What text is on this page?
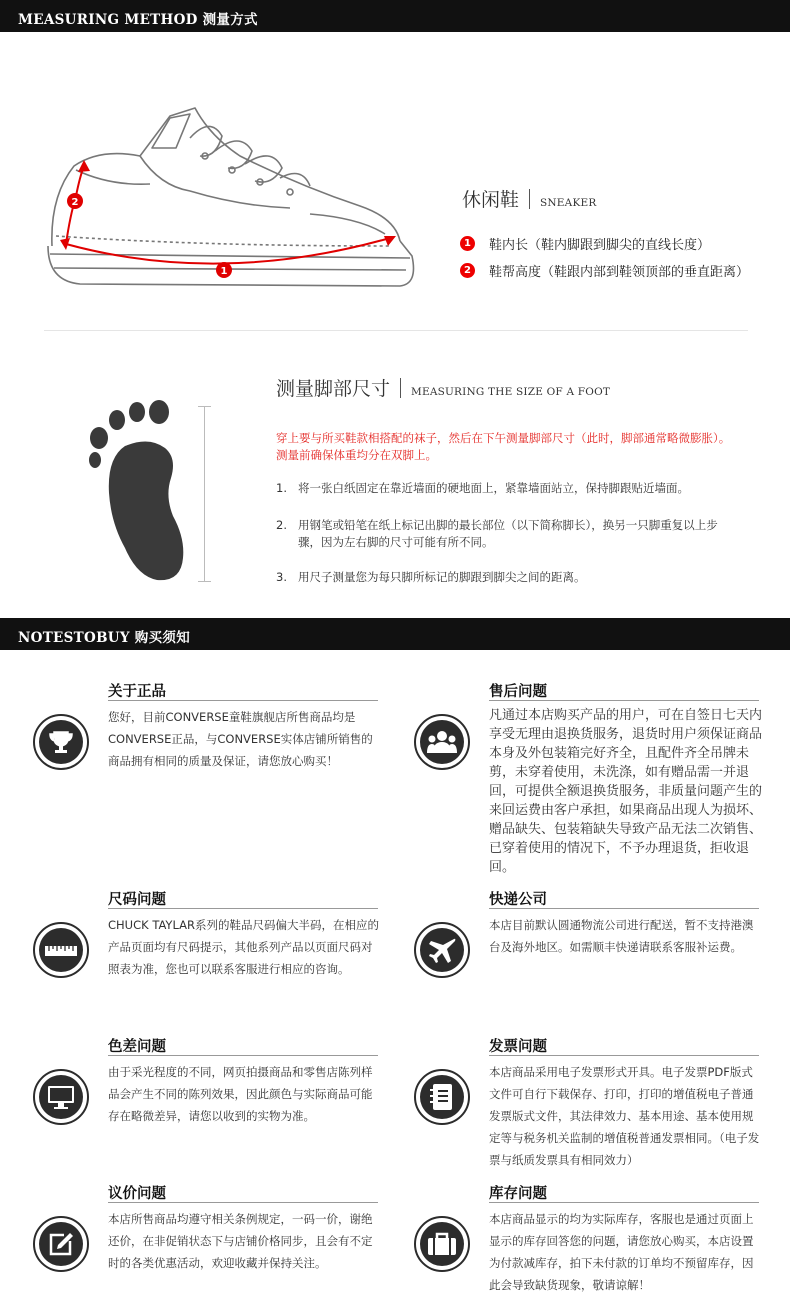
MEASURING METHOD 测量方式
2
1
休闲鞋 SNEAKER
1	鞋内长（鞋内脚跟到脚尖的直线长度）
2	鞋帮高度（鞋跟内部到鞋领顶部的垂直距离）
测量脚部尺寸 MEASURING THE SIZE OF A FOOT
穿上要与所买鞋款相搭配的袜子，然后在下午测量脚部尺寸（此时，脚部通常略微膨胀）。
测量前确保体重均分在双脚上。
1. 将一张白纸固定在靠近墙面的硬地面上，紧靠墙面站立，保持脚跟贴近墙面。
2. 用钢笔或铅笔在纸上标记出脚的最长部位（以下简称脚长），换另一只脚重复以上步
骤，因为左右脚的尺寸可能有所不同。
3. 用尺子测量您为每只脚所标记的脚跟到脚尖之间的距离。
NOTESTOBUY 购买须知
关于正品
您好，目前CONVERSE童鞋旗舰店所售商品均是CONVERSE正品，与CONVERSE实体店铺所销售的商品拥有相同的质量及保证，请您放心购买！
售后问题
凡通过本店购买产品的用户，可在自签日七天内享受无理由退换货服务，退货时用户须保证商品本身及外包装箱完好齐全，且配件齐全吊牌未剪，未穿着使用，未洗涤，如有赠品需一并退回，可提供全额退换货服务，非质量问题产生的来回运费由客户承担，如果商品出现人为损坏、赠品缺失、包装箱缺失导致产品无法二次销售、已穿着使用的情况下，不予办理退货，拒收退回。
尺码问题
CHUCK TAYLAR系列的鞋品尺码偏大半码，在相应的产品页面均有尺码提示，其他系列产品以页面尺码对照表为准，您也可以联系客服进行相应的咨询。
快递公司
本店目前默认圆通物流公司进行配送，暂不支持港澳台及海外地区。如需顺丰快递请联系客服补运费。
色差问题
由于采光程度的不同，网页拍摄商品和零售店陈列样品会产生不同的陈列效果，因此颜色与实际商品可能存在略微差异，请您以收到的实物为准。
发票问题
本店商品采用电子发票形式开具。电子发票PDF版式文件可自行下载保存、打印，打印的增值税电子普通发票版式文件，其法律效力、基本用途、基本使用规定等与税务机关监制的增值税普通发票相同。（电子发票与纸质发票具有相同效力）
议价问题
本店所售商品均遵守相关条例规定，一码一价，谢绝还价，在非促销状态下与店铺价格同步，且会有不定时的各类优惠活动，欢迎收藏并保持关注。
库存问题
本店商品显示的均为实际库存，客服也是通过页面上显示的库存回答您的问题，请您放心购买，本店设置为付款减库存，拍下未付款的订单均不预留库存，因此会导致缺货现象，敬请谅解！
